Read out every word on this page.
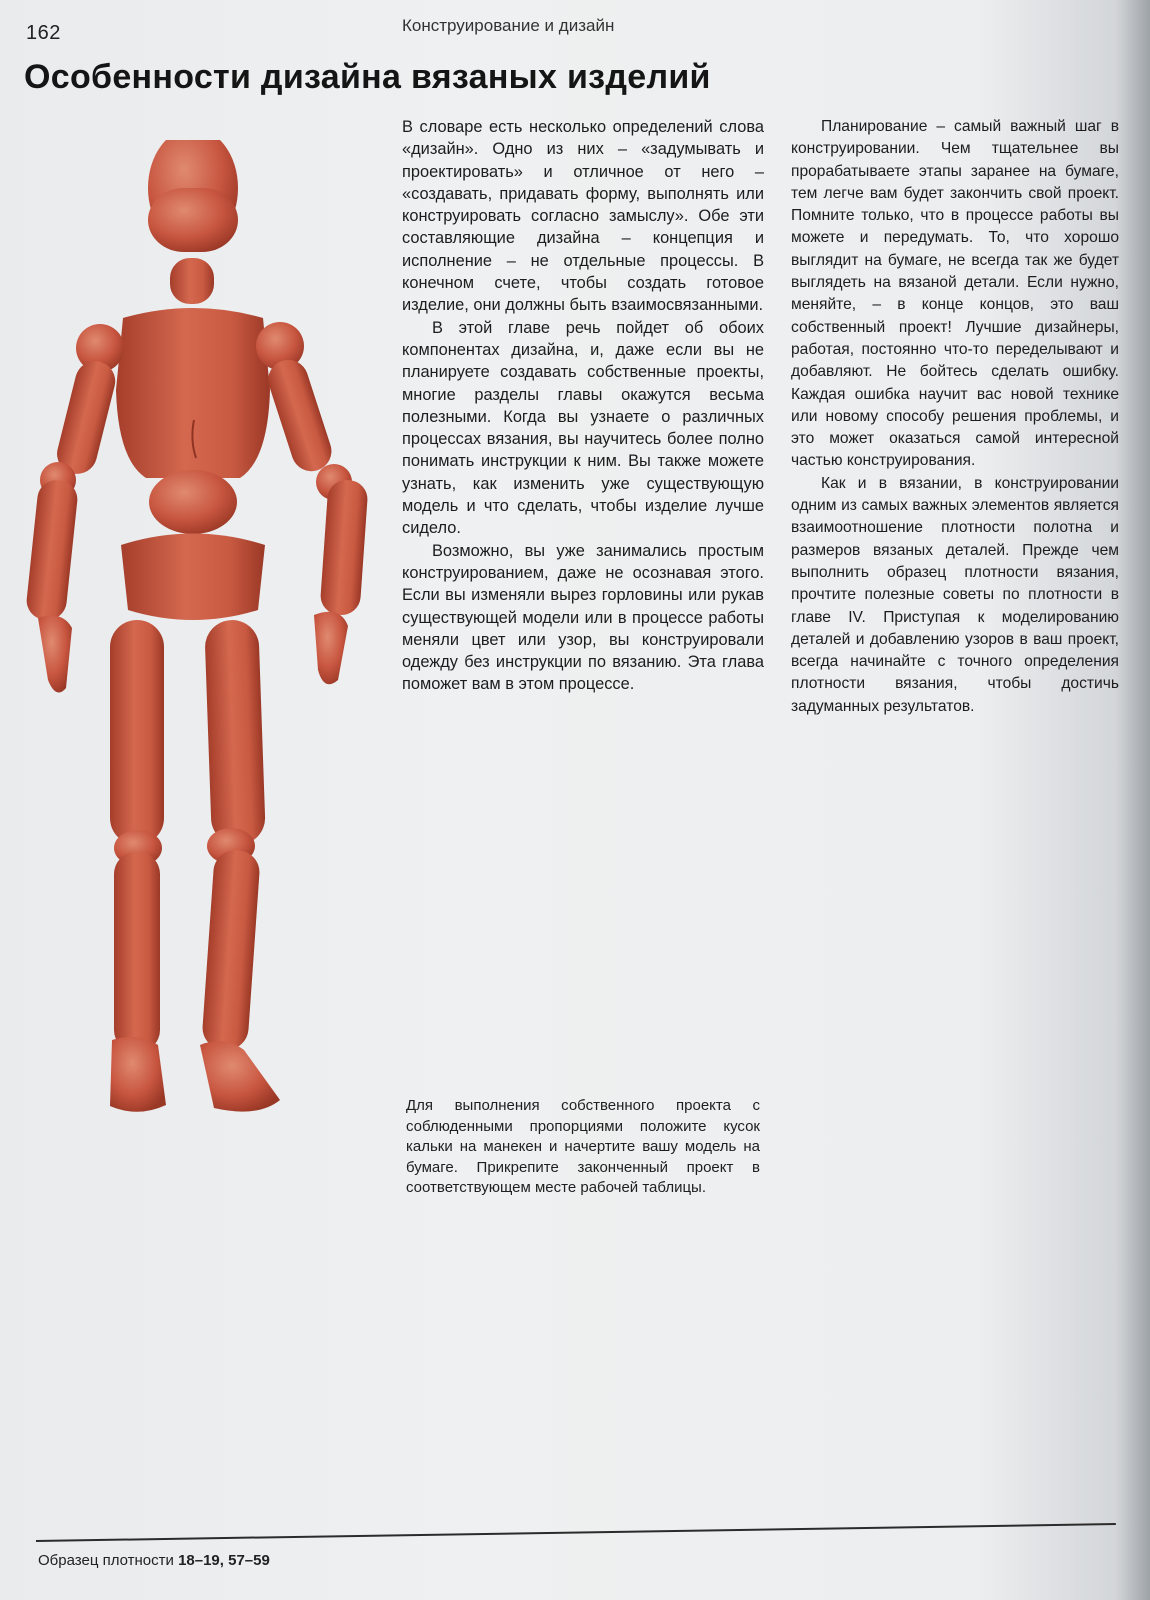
162	Конструирование и дизайн
Особенности дизайна вязаных изделий

В словаре есть несколько определений слова «дизайн». Одно из них – «задумывать и проектировать» и отличное от него – «создавать, придавать форму, выполнять или конструировать согласно замыслу». Обе эти составляющие дизайна – концепция и исполнение – не отдельные процессы. В конечном счете, чтобы создать готовое изделие, они должны быть взаимосвязанными.

В этой главе речь пойдет об обоих компонентах дизайна, и, даже если вы не планируете создавать собственные проекты, многие разделы главы окажутся весьма полезными. Когда вы узнаете о различных процессах вязания, вы научитесь более полно понимать инструкции к ним. Вы также можете узнать, как изменить уже существующую модель и что сделать, чтобы изделие лучше сидело.

Возможно, вы уже занимались простым конструированием, даже не осознавая этого. Если вы изменяли вырез горловины или рукав существующей модели или в процессе работы меняли цвет или узор, вы конструировали одежду без инструкции по вязанию. Эта глава поможет вам в этом процессе.

Планирование – самый важный шаг в конструировании. Чем тщательнее вы прорабатываете этапы заранее на бумаге, тем легче вам будет закончить свой проект. Помните только, что в процессе работы вы можете и передумать. То, что хорошо выглядит на бумаге, не всегда так же будет выглядеть на вязаной детали. Если нужно, меняйте, – в конце концов, это ваш собственный проект! Лучшие дизайнеры, работая, постоянно что-то переделывают и добавляют. Не бойтесь сделать ошибку. Каждая ошибка научит вас новой технике или новому способу решения проблемы, и это может оказаться самой интересной частью конструирования.

Как и в вязании, в конструировании одним из самых важных элементов является взаимоотношение плотности полотна и размеров вязаных деталей. Прежде чем выполнить образец плотности вязания, прочтите полезные советы по плотности в главе IV. Приступая к моделированию деталей и добавлению узоров в ваш проект, всегда начинайте с точного определения плотности вязания, чтобы достичь задуманных результатов.

Для выполнения собственного проекта с соблюденными пропорциями положите кусок кальки на манекен и начертите вашу модель на бумаге. Прикрепите законченный проект в соответствующем месте рабочей таблицы.
Образец плотности 18–19, 57–59
